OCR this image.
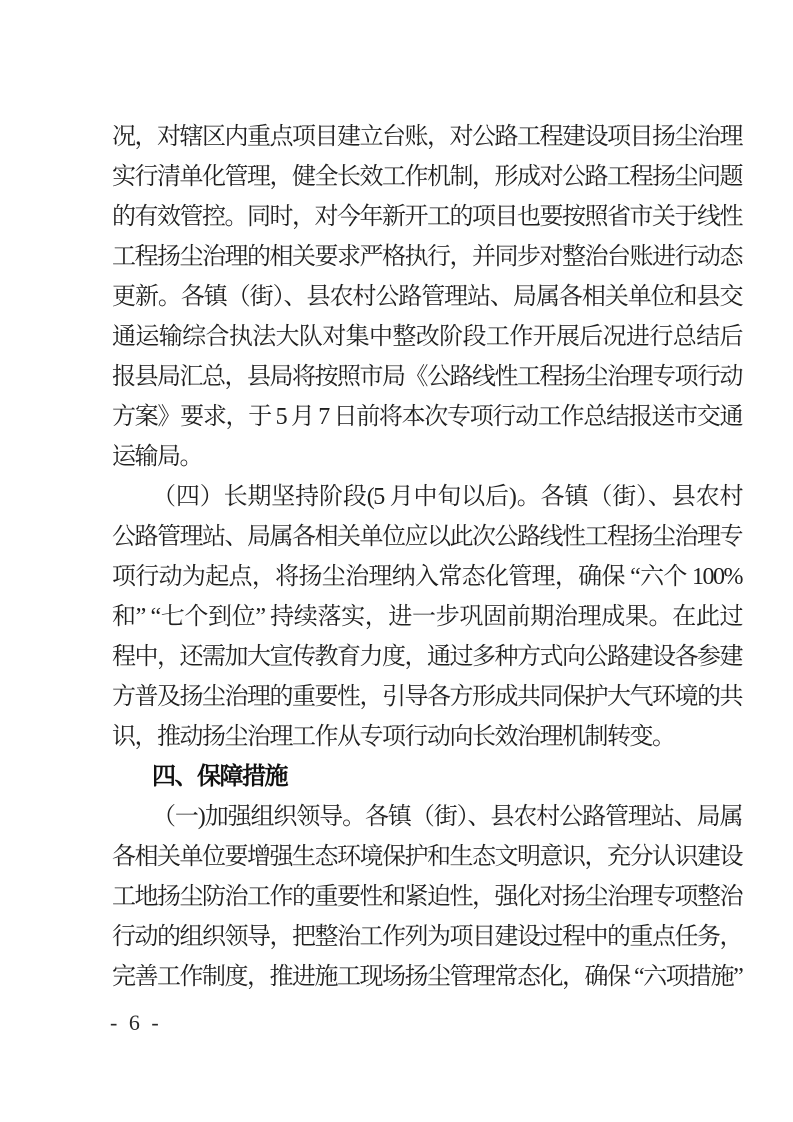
况，对辖区内重点项目建立台账，对公路工程建设项目扬尘治理
实行清单化管理，健全长效工作机制，形成对公路工程扬尘问题
的有效管控。同时，对今年新开工的项目也要按照省市关于线性
工程扬尘治理的相关要求严格执行，并同步对整治台账进行动态
更新。各镇（街）、县农村公路管理站、局属各相关单位和县交
通运输综合执法大队对集中整改阶段工作开展后况进行总结后
报县局汇总，县局将按照市局《公路线性工程扬尘治理专项行动
方案》要求，于 5 月 7 日前将本次专项行动工作总结报送市交通
运输局。
（四）长期坚持阶段(5 月中旬以后)。各镇（街）、县农村
公路管理站、局属各相关单位应以此次公路线性工程扬尘治理专
项行动为起点，将扬尘治理纳入常态化管理，确保 “六个 100%
和” “七个到位” 持续落实，进一步巩固前期治理成果。在此过
程中，还需加大宣传教育力度，通过多种方式向公路建设各参建
方普及扬尘治理的重要性，引导各方形成共同保护大气环境的共
识，推动扬尘治理工作从专项行动向长效治理机制转变。
四、保障措施
（一)加强组织领导。各镇（街）、县农村公路管理站、局属
各相关单位要增强生态环境保护和生态文明意识，充分认识建设
工地扬尘防治工作的重要性和紧迫性，强化对扬尘治理专项整治
行动的组织领导，把整治工作列为项目建设过程中的重点任务，
完善工作制度，推进施工现场扬尘管理常态化，确保 “六项措施”
- 6 -
